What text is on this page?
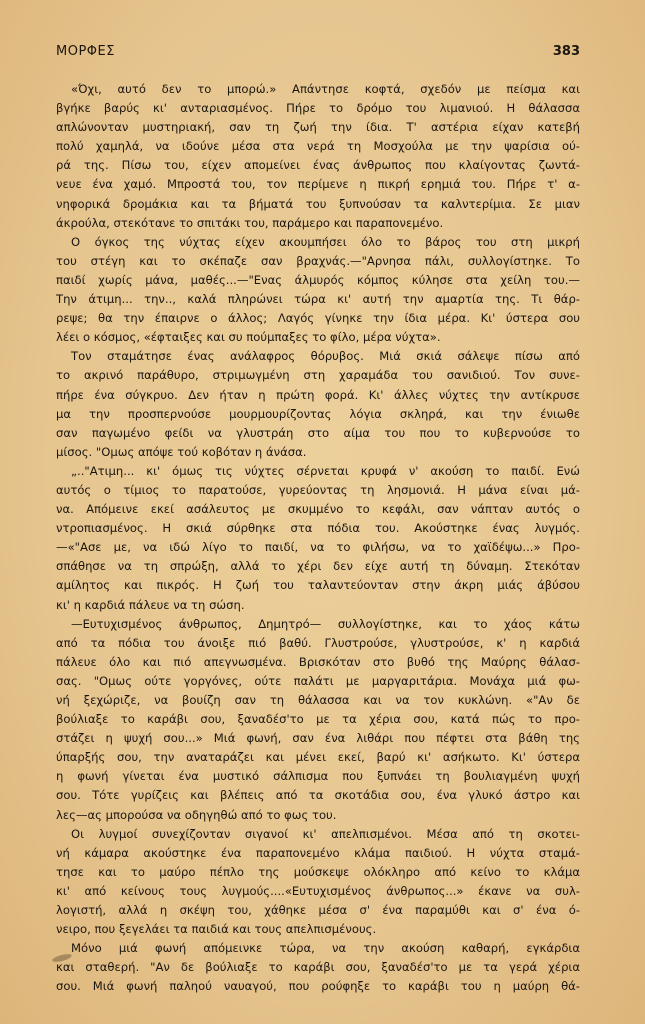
ΜΟΡΦΕΣ	383
«Όχι, αυτό δεν το μπορώ.» Απάντησε κοφτά, σχεδόν με πείσμα και
βγήκε βαρύς κι' ανταριασμένος. Πήρε το δρόμο του λιμανιού. Η θάλασσα
απλώνονταν μυστηριακή, σαν τη ζωή την ίδια. Τ' αστέρια είχαν κατεβή
πολύ χαμηλά, να ιδούνε μέσα στα νερά τη Μοσχούλα με την ψαρίσια ού-
ρά της. Πίσω του, είχεν απομείνει ένας άνθρωπος που κλαίγοντας ζωντά-
νευε ένα χαμό. Μπροστά του, τον περίμενε η πικρή ερημιά του. Πήρε τ' α-
νηφορικά δρομάκια και τα βήματά του ξυπνούσαν τα καλντερίμια. Σε μιαν
άκρούλα, στεκότανε το σπιτάκι του, παράμερο και παραπονεμένο.
Ο όγκος της νύχτας είχεν ακουμπήσει όλο το βάρος του στη μικρή
του στέγη και το σκέπαζε σαν βραχνάς.—"Αρνησα πάλι, συλλογίστηκε. Το
παιδί χωρίς μάνα, μαθές...—"Ενας άλμυρός κόμπος κύλησε στα χείλη του.—
Την άτιμη... την.., καλά πληρώνει τώρα κι' αυτή την αμαρτία της. Τι θάρ-
ρεψε; θα την έπαιρνε ο άλλος; Λαγός γίνηκε την ίδια μέρα. Κι' ύστερα σου
λέει ο κόσμος, «έφταιξες και συ πούμπαξες το φίλο, μέρα νύχτα».
Τον σταμάτησε ένας ανάλαφρος θόρυβος. Μιά σκιά σάλεψε πίσω από
το ακρινό παράθυρο, στριμωγμένη στη χαραμάδα του σανιδιού. Τον συνε-
πήρε ένα σύγκρυο. Δεν ήταν η πρώτη φορά. Κι' άλλες νύχτες την αντίκρυσε
μα την προσπερνούσε μουρμουρίζοντας λόγια σκληρά, και την ένιωθε
σαν παγωμένο φείδι να γλυστράη στο αίμα του που το κυβερνούσε το
μίσος. "Ομως απόψε τού κοβόταν η άνάσα.
„.."Ατιμη... κι' όμως τις νύχτες σέρνεται κρυφά ν' ακούση το παιδί. Ενώ
αυτός ο τίμιος το παρατούσε, γυρεύοντας τη λησμονιά. Η μάνα είναι μά-
να. Απόμεινε εκεί ασάλευτος με σκυμμένο το κεφάλι, σαν νάπταν αυτός ο
ντροπιασμένος. Η σκιά σύρθηκε στα πόδια του. Ακούστηκε ένας λυγμός.
—«"Ασε με, να ιδώ λίγο το παιδί, να το φιλήσω, να το χαϊδέψω...» Προ-
σπάθησε να τη σπρώξη, αλλά το χέρι δεν είχε αυτή τη δύναμη. Στεκόταν
αμίλητος και πικρός. Η ζωή του ταλαντεύονταν στην άκρη μιάς άβύσου
κι' η καρδιά πάλευε να τη σώση.
—Ευτυχισμένος άνθρωπος, Δημητρό— συλλογίστηκε, και το χάος κάτω
από τα πόδια του άνοιξε πιό βαθύ. Γλυστρούσε, γλυστρούσε, κ' η καρδιά
πάλευε όλο και πιό απεγνωσμένα. Βρισκόταν στο βυθό της Μαύρης θάλασ-
σας. "Ομως ούτε γοργόνες, ούτε παλάτι με μαργαριτάρια. Μονάχα μιά φω-
νή ξεχώριζε, να βουίζη σαν τη θάλασσα και να τον κυκλώνη. «"Αν δε
βούλιαξε το καράβι σου, ξαναδέσ'το με τα χέρια σου, κατά πώς το προ-
στάζει η ψυχή σου...» Μιά φωνή, σαν ένα λιθάρι που πέφτει στα βάθη της
ύπαρξής σου, την αναταράζει και μένει εκεί, βαρύ κι' ασήκωτο. Κι' ύστερα
η φωνή γίνεται ένα μυστικό σάλπισμα που ξυπνάει τη βουλιαγμένη ψυχή
σου. Τότε γυρίζεις και βλέπεις από τα σκοτάδια σου, ένα γλυκό άστρο και
λες—ας μπορούσα να οδηγηθώ από το φως του.
Οι λυγμοί συνεχίζονταν σιγανοί κι' απελπισμένοι. Μέσα από τη σκοτει-
νή κάμαρα ακούστηκε ένα παραπονεμένο κλάμα παιδιού. Η νύχτα σταμά-
τησε και το μαύρο πέπλο της μούσκεψε ολόκληρο από κείνο το κλάμα
κι' από κείνους τους λυγμούς....«Ευτυχισμένος άνθρωπος...» έκανε να συλ-
λογιστή, αλλά η σκέψη του, χάθηκε μέσα σ' ένα παραμύθι και σ' ένα ό-
νειρο, που ξεγελάει τα παιδιά και τους απελπισμένους.
Μόνο μιά φωνή απόμεινκε τώρα, να την ακούση καθαρή, εγκάρδια
και σταθερή. "Αν δε βούλιαξε το καράβι σου, ξαναδέσ'το με τα γερά χέρια
σου. Μιά φωνή παληού ναυαγού, που ρούφηξε το καράβι του η μαύρη θά-
